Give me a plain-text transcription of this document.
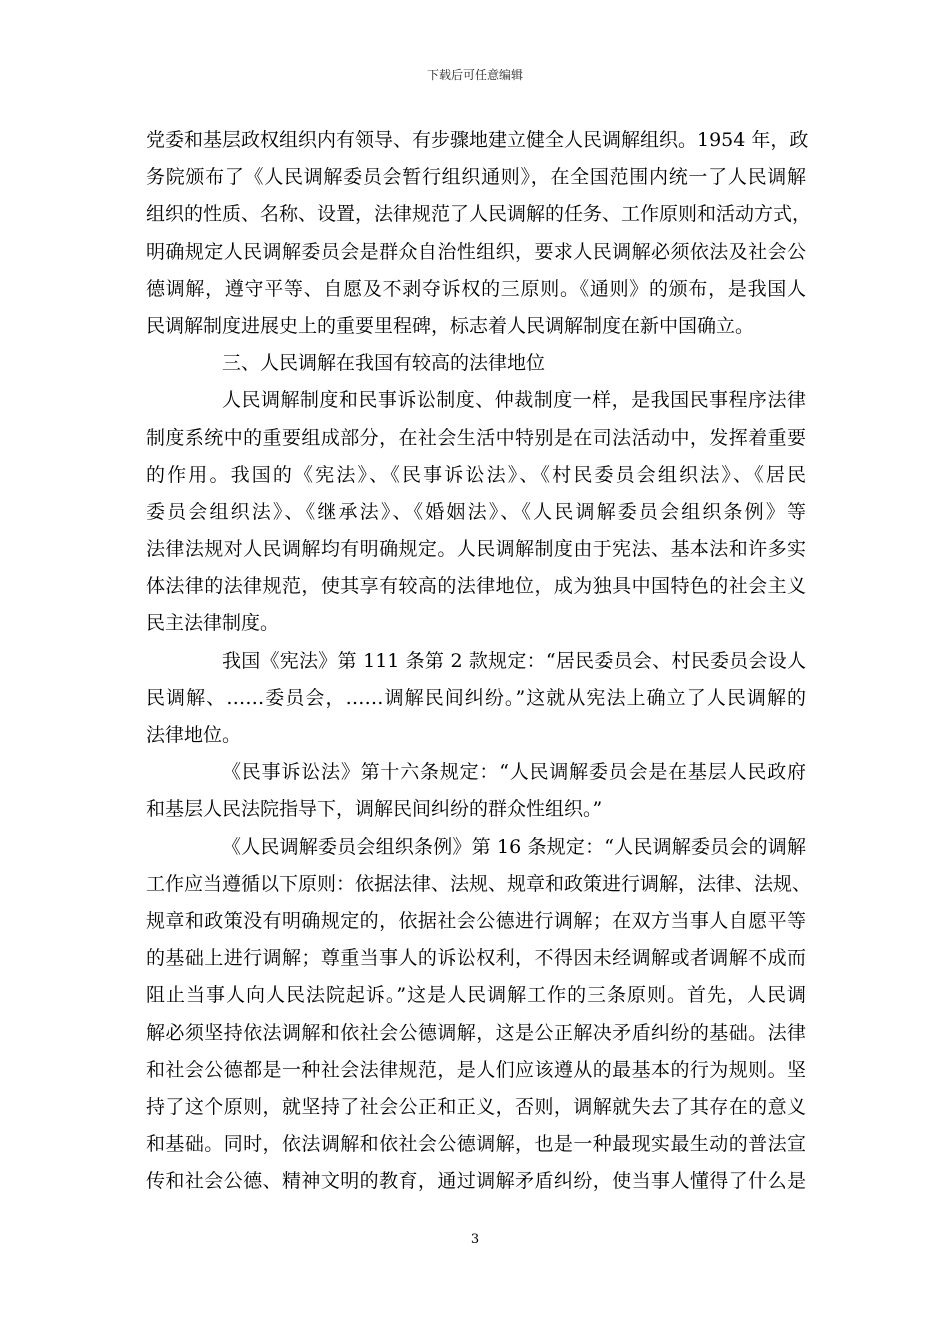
下载后可任意编辑
党委和基层政权组织内有领导、有步骤地建立健全人民调解组织。1954 年，政
务院颁布了《人民调解委员会暂行组织通则》，在全国范围内统一了人民调解
组织的性质、名称、设置，法律规范了人民调解的任务、工作原则和活动方式，
明确规定人民调解委员会是群众自治性组织，要求人民调解必须依法及社会公
德调解，遵守平等、自愿及不剥夺诉权的三原则。《通则》的颁布，是我国人
民调解制度进展史上的重要里程碑，标志着人民调解制度在新中国确立。
三、人民调解在我国有较高的法律地位
人民调解制度和民事诉讼制度、仲裁制度一样，是我国民事程序法律
制度系统中的重要组成部分，在社会生活中特别是在司法活动中，发挥着重要
的作用。我国的《宪法》、《民事诉讼法》、《村民委员会组织法》、《居民
委员会组织法》、《继承法》、《婚姻法》、《人民调解委员会组织条例》等
法律法规对人民调解均有明确规定。人民调解制度由于宪法、基本法和许多实
体法律的法律规范，使其享有较高的法律地位，成为独具中国特色的社会主义
民主法律制度。
我国《宪法》第 111 条第 2 款规定：“居民委员会、村民委员会设人
民调解、……委员会，……调解民间纠纷。”这就从宪法上确立了人民调解的
法律地位。
《民事诉讼法》第十六条规定：“人民调解委员会是在基层人民政府
和基层人民法院指导下，调解民间纠纷的群众性组织。”
《人民调解委员会组织条例》第 16 条规定：“人民调解委员会的调解
工作应当遵循以下原则：依据法律、法规、规章和政策进行调解，法律、法规、
规章和政策没有明确规定的，依据社会公德进行调解；在双方当事人自愿平等
的基础上进行调解；尊重当事人的诉讼权利，不得因未经调解或者调解不成而
阻止当事人向人民法院起诉。”这是人民调解工作的三条原则。首先，人民调
解必须坚持依法调解和依社会公德调解，这是公正解决矛盾纠纷的基础。法律
和社会公德都是一种社会法律规范，是人们应该遵从的最基本的行为规则。坚
持了这个原则，就坚持了社会公正和正义，否则，调解就失去了其存在的意义
和基础。同时，依法调解和依社会公德调解，也是一种最现实最生动的普法宣
传和社会公德、精神文明的教育，通过调解矛盾纠纷，使当事人懂得了什么是
3
